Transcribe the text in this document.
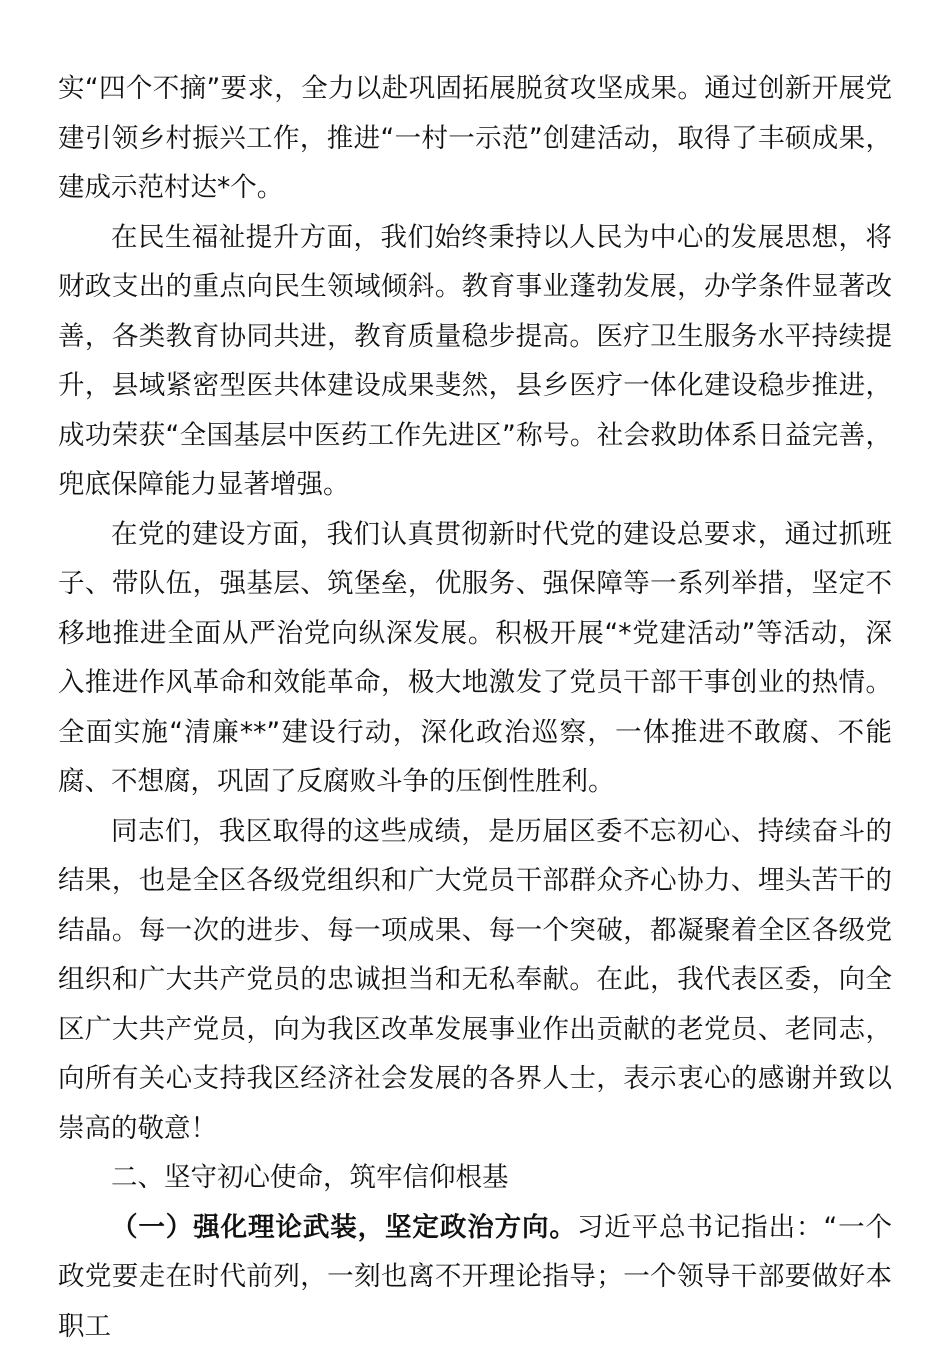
实“四个不摘”要求，全力以赴巩固拓展脱贫攻坚成果。通过创新开展党建引领乡村振兴工作，推进“一村一示范”创建活动，取得了丰硕成果，建成示范村达*个。

在民生福祉提升方面，我们始终秉持以人民为中心的发展思想，将财政支出的重点向民生领域倾斜。教育事业蓬勃发展，办学条件显著改善，各类教育协同共进，教育质量稳步提高。医疗卫生服务水平持续提升，县域紧密型医共体建设成果斐然，县乡医疗一体化建设稳步推进，成功荣获“全国基层中医药工作先进区”称号。社会救助体系日益完善，兜底保障能力显著增强。

在党的建设方面，我们认真贯彻新时代党的建设总要求，通过抓班子、带队伍，强基层、筑堡垒，优服务、强保障等一系列举措，坚定不移地推进全面从严治党向纵深发展。积极开展“*党建活动”等活动，深入推进作风革命和效能革命，极大地激发了党员干部干事创业的热情。全面实施“清廉**”建设行动，深化政治巡察，一体推进不敢腐、不能腐、不想腐，巩固了反腐败斗争的压倒性胜利。

同志们，我区取得的这些成绩，是历届区委不忘初心、持续奋斗的结果，也是全区各级党组织和广大党员干部群众齐心协力、埋头苦干的结晶。每一次的进步、每一项成果、每一个突破，都凝聚着全区各级党组织和广大共产党员的忠诚担当和无私奉献。在此，我代表区委，向全区广大共产党员，向为我区改革发展事业作出贡献的老党员、老同志，向所有关心支持我区经济社会发展的各界人士，表示衷心的感谢并致以崇高的敬意！

二、坚守初心使命，筑牢信仰根基

（一）强化理论武装，坚定政治方向。习近平总书记指出：“一个政党要走在时代前列，一刻也离不开理论指导；一个领导干部要做好本职工
